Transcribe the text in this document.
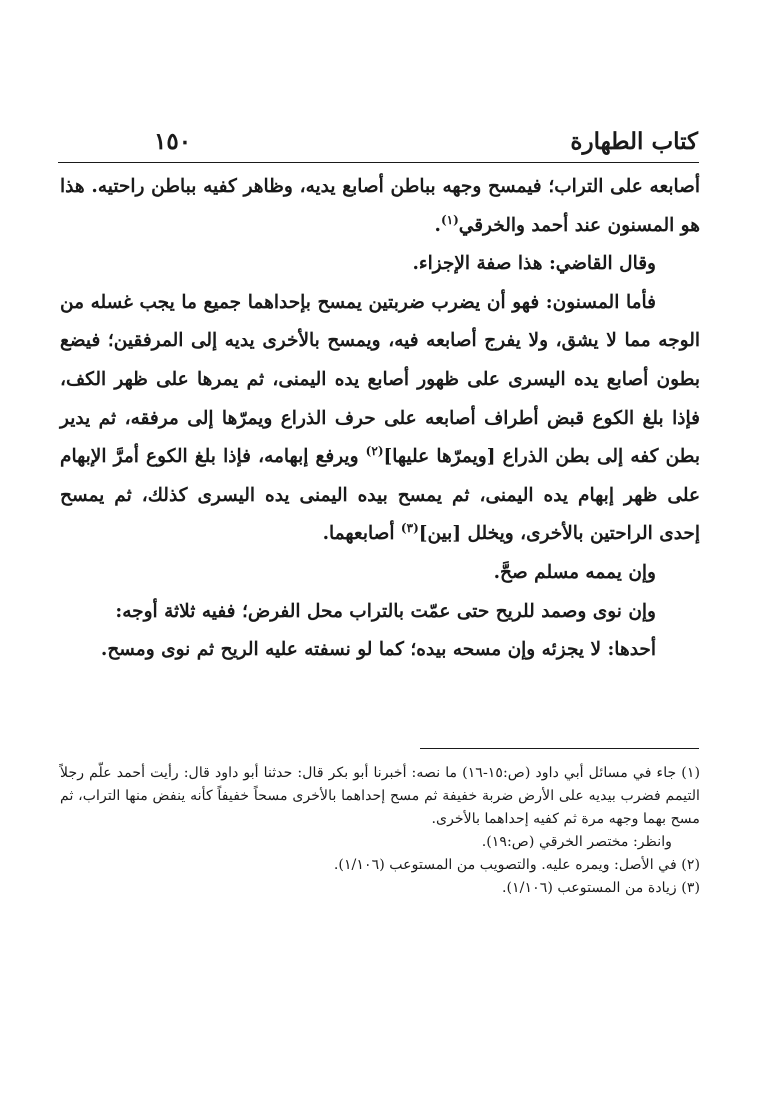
كتاب الطهارة
١٥٠

أصابعه على التراب؛ فيمسح وجهه بباطن أصابع يديه، وظاهر كفيه بباطن راحتيه. هذا هو المسنون عند أحمد والخرقي$^{(١)}$.

وقال القاضي: هذا صفة الإجزاء.

فأما المسنون: فهو أن يضرب ضربتين يمسح بإحداهما جميع ما يجب غسله من الوجه مما لا يشق، ولا يفرج أصابعه فيه، ويمسح بالأخرى يديه إلى المرفقين؛ فيضع بطون أصابع يده اليسرى على ظهور أصابع يده اليمنى، ثم يمرها على ظهر الكف، فإذا بلغ الكوع قبض أطراف أصابعه على حرف الذراع ويمرّها إلى مرفقه، ثم يدير بطن كفه إلى بطن الذراع [ويمرّها عليها]$^{(٢)}$ ويرفع إبهامه، فإذا بلغ الكوع أمرَّ الإبهام على ظهر إبهام يده اليمنى، ثم يمسح بيده اليمنى يده اليسرى كذلك، ثم يمسح إحدى الراحتين بالأخرى، ويخلل [بين]$^{(٣)}$ أصابعهما.

وإن يممه مسلم صحَّ.

وإن نوى وصمد للريح حتى عمّت بالتراب محل الفرض؛ ففيه ثلاثة أوجه:

أحدها: لا يجزئه وإن مسحه بيده؛ كما لو نسفته عليه الريح ثم نوى ومسح.

(١) جاء في مسائل أبي داود (ص:١٥-١٦) ما نصه: أخبرنا أبو بكر قال: حدثنا أبو داود قال: رأيت أحمد علّم رجلاً التيمم فضرب بيديه على الأرض ضربة خفيفة ثم مسح إحداهما بالأخرى مسحاً خفيفاً كأنه ينفض منها التراب، ثم مسح بهما وجهه مرة ثم كفيه إحداهما بالأخرى.

وانظر: مختصر الخرقي (ص:١٩).

(٢) في الأصل: ويمره عليه. والتصويب من المستوعب (١/١٠٦).

(٣) زيادة من المستوعب (١/١٠٦).
